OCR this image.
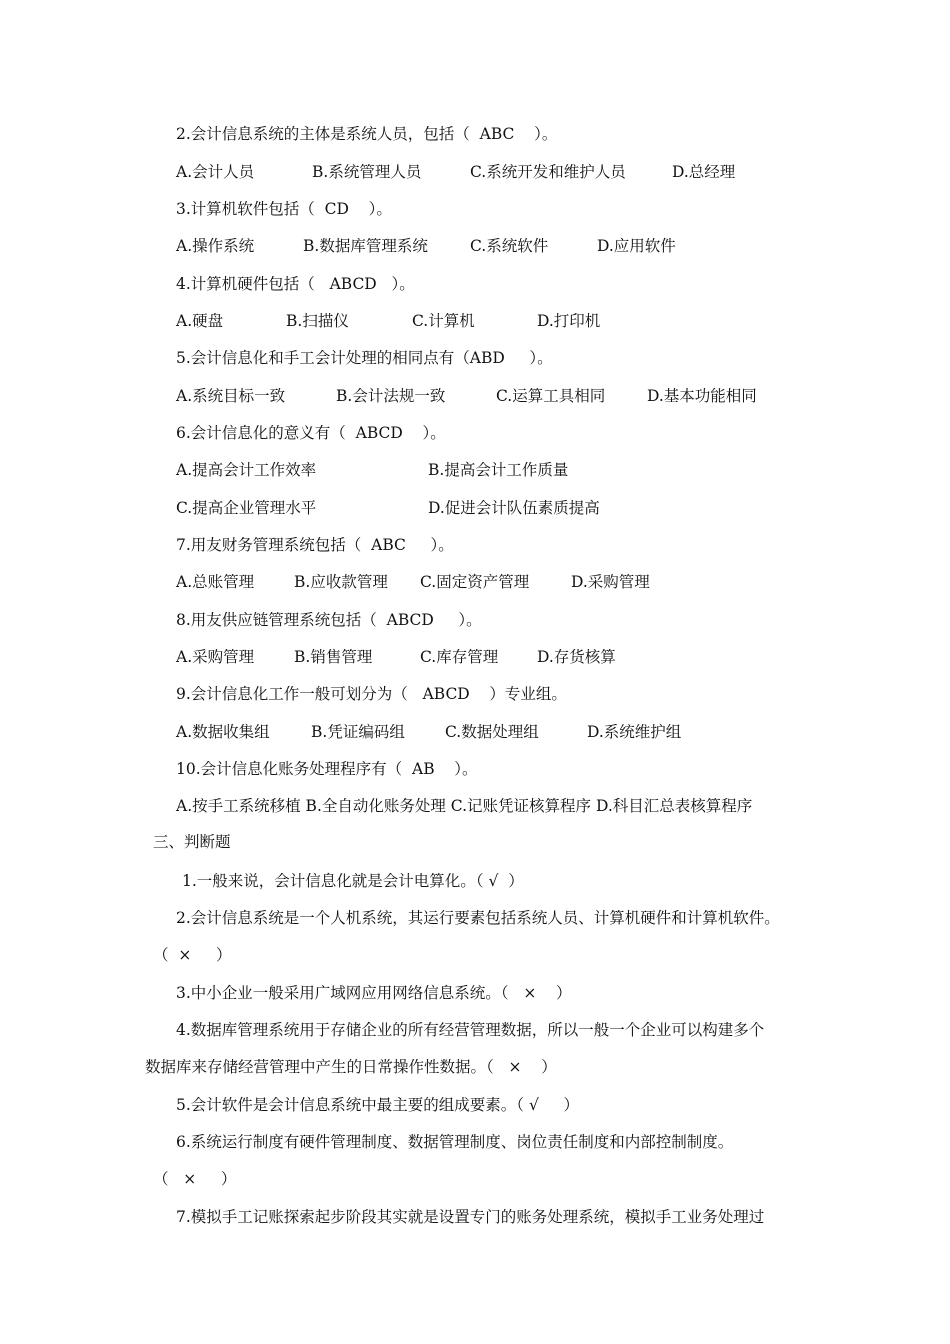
2.会计信息系统的主体是系统人员，包括（  ABC    ）。
A.会计人员	B.系统管理人员	C.系统开发和维护人员	D.总经理
3.计算机软件包括（  CD    ）。
A.操作系统	B.数据库管理系统	C.系统软件	D.应用软件
4.计算机硬件包括（   ABCD   ）。
A.硬盘	B.扫描仪	C.计算机	D.打印机
5.会计信息化和手工会计处理的相同点有（ABD     ）。
A.系统目标一致	B.会计法规一致	C.运算工具相同	D.基本功能相同
6.会计信息化的意义有（  ABCD    ）。
A.提高会计工作效率	B.提高会计工作质量
C.提高企业管理水平	D.促进会计队伍素质提高
7.用友财务管理系统包括（  ABC     ）。
A.总账管理	B.应收款管理 C.固定资产管理	D.采购管理
8.用友供应链管理系统包括（  ABCD     ）。
A.采购管理	B.销售管理	C.库存管理	D.存货核算
9.会计信息化工作一般可划分为（   ABCD    ）专业组。
A.数据收集组	B.凭证编码组	C.数据处理组	D.系统维护组
10.会计信息化账务处理程序有（  AB    ）。
A.按手工系统移植 B.全自动化账务处理 C.记账凭证核算程序 D.科目汇总表核算程序
三、判断题
1.一般来说，会计信息化就是会计电算化。（ √  ）
2.会计信息系统是一个人机系统，其运行要素包括系统人员、计算机硬件和计算机软件。
（  ×     ）
3.中小企业一般采用广域网应用网络信息系统。（   ×    ）
4.数据库管理系统用于存储企业的所有经营管理数据，所以一般一个企业可以构建多个
数据库来存储经营管理中产生的日常操作性数据。（   ×    ）
5.会计软件是会计信息系统中最主要的组成要素。（ √     ）
6.系统运行制度有硬件管理制度、数据管理制度、岗位责任制度和内部控制制度。
（   ×     ）
7.模拟手工记账探索起步阶段其实就是设置专门的账务处理系统，模拟手工业务处理过
